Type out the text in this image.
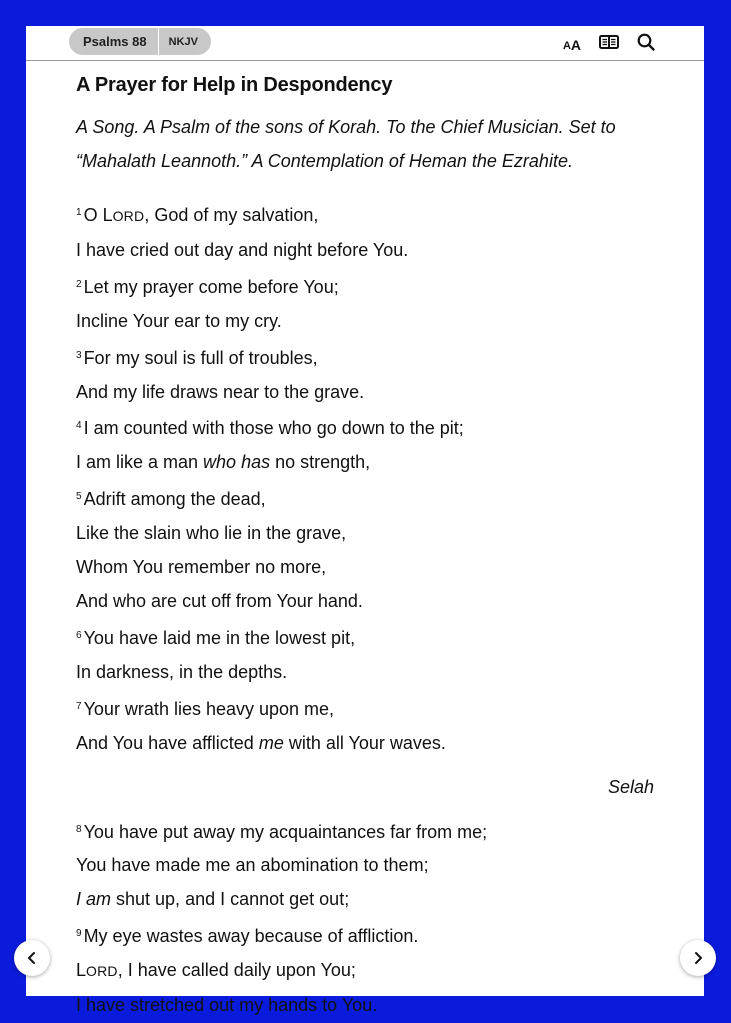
Psalms 88	NKJV	A A
A Prayer for Help in Despondency
A Song. A Psalm of the sons of Korah. To the Chief Musician. Set to
“Mahalath Leannoth.” A Contemplation of Heman the Ezrahite.
$^1$ O LORD, God of my salvation,
I have cried out day and night before You.
$^2$ Let my prayer come before You;
Incline Your ear to my cry.
$^3$ For my soul is full of troubles,
And my life draws near to the grave.
$^4$ I am counted with those who go down to the pit;
I am like a man who has no strength,
$^5$ Adrift among the dead,
Like the slain who lie in the grave,
Whom You remember no more,
And who are cut off from Your hand.
$^6$ You have laid me in the lowest pit,
In darkness, in the depths.
$^7$ Your wrath lies heavy upon me,
And You have afflicted me with all Your waves.
Selah
$^8$ You have put away my acquaintances far from me;
You have made me an abomination to them;
I am shut up, and I cannot get out;
$^9$ My eye wastes away because of affliction.
LORD, I have called daily upon You;
I have stretched out my hands to You.
